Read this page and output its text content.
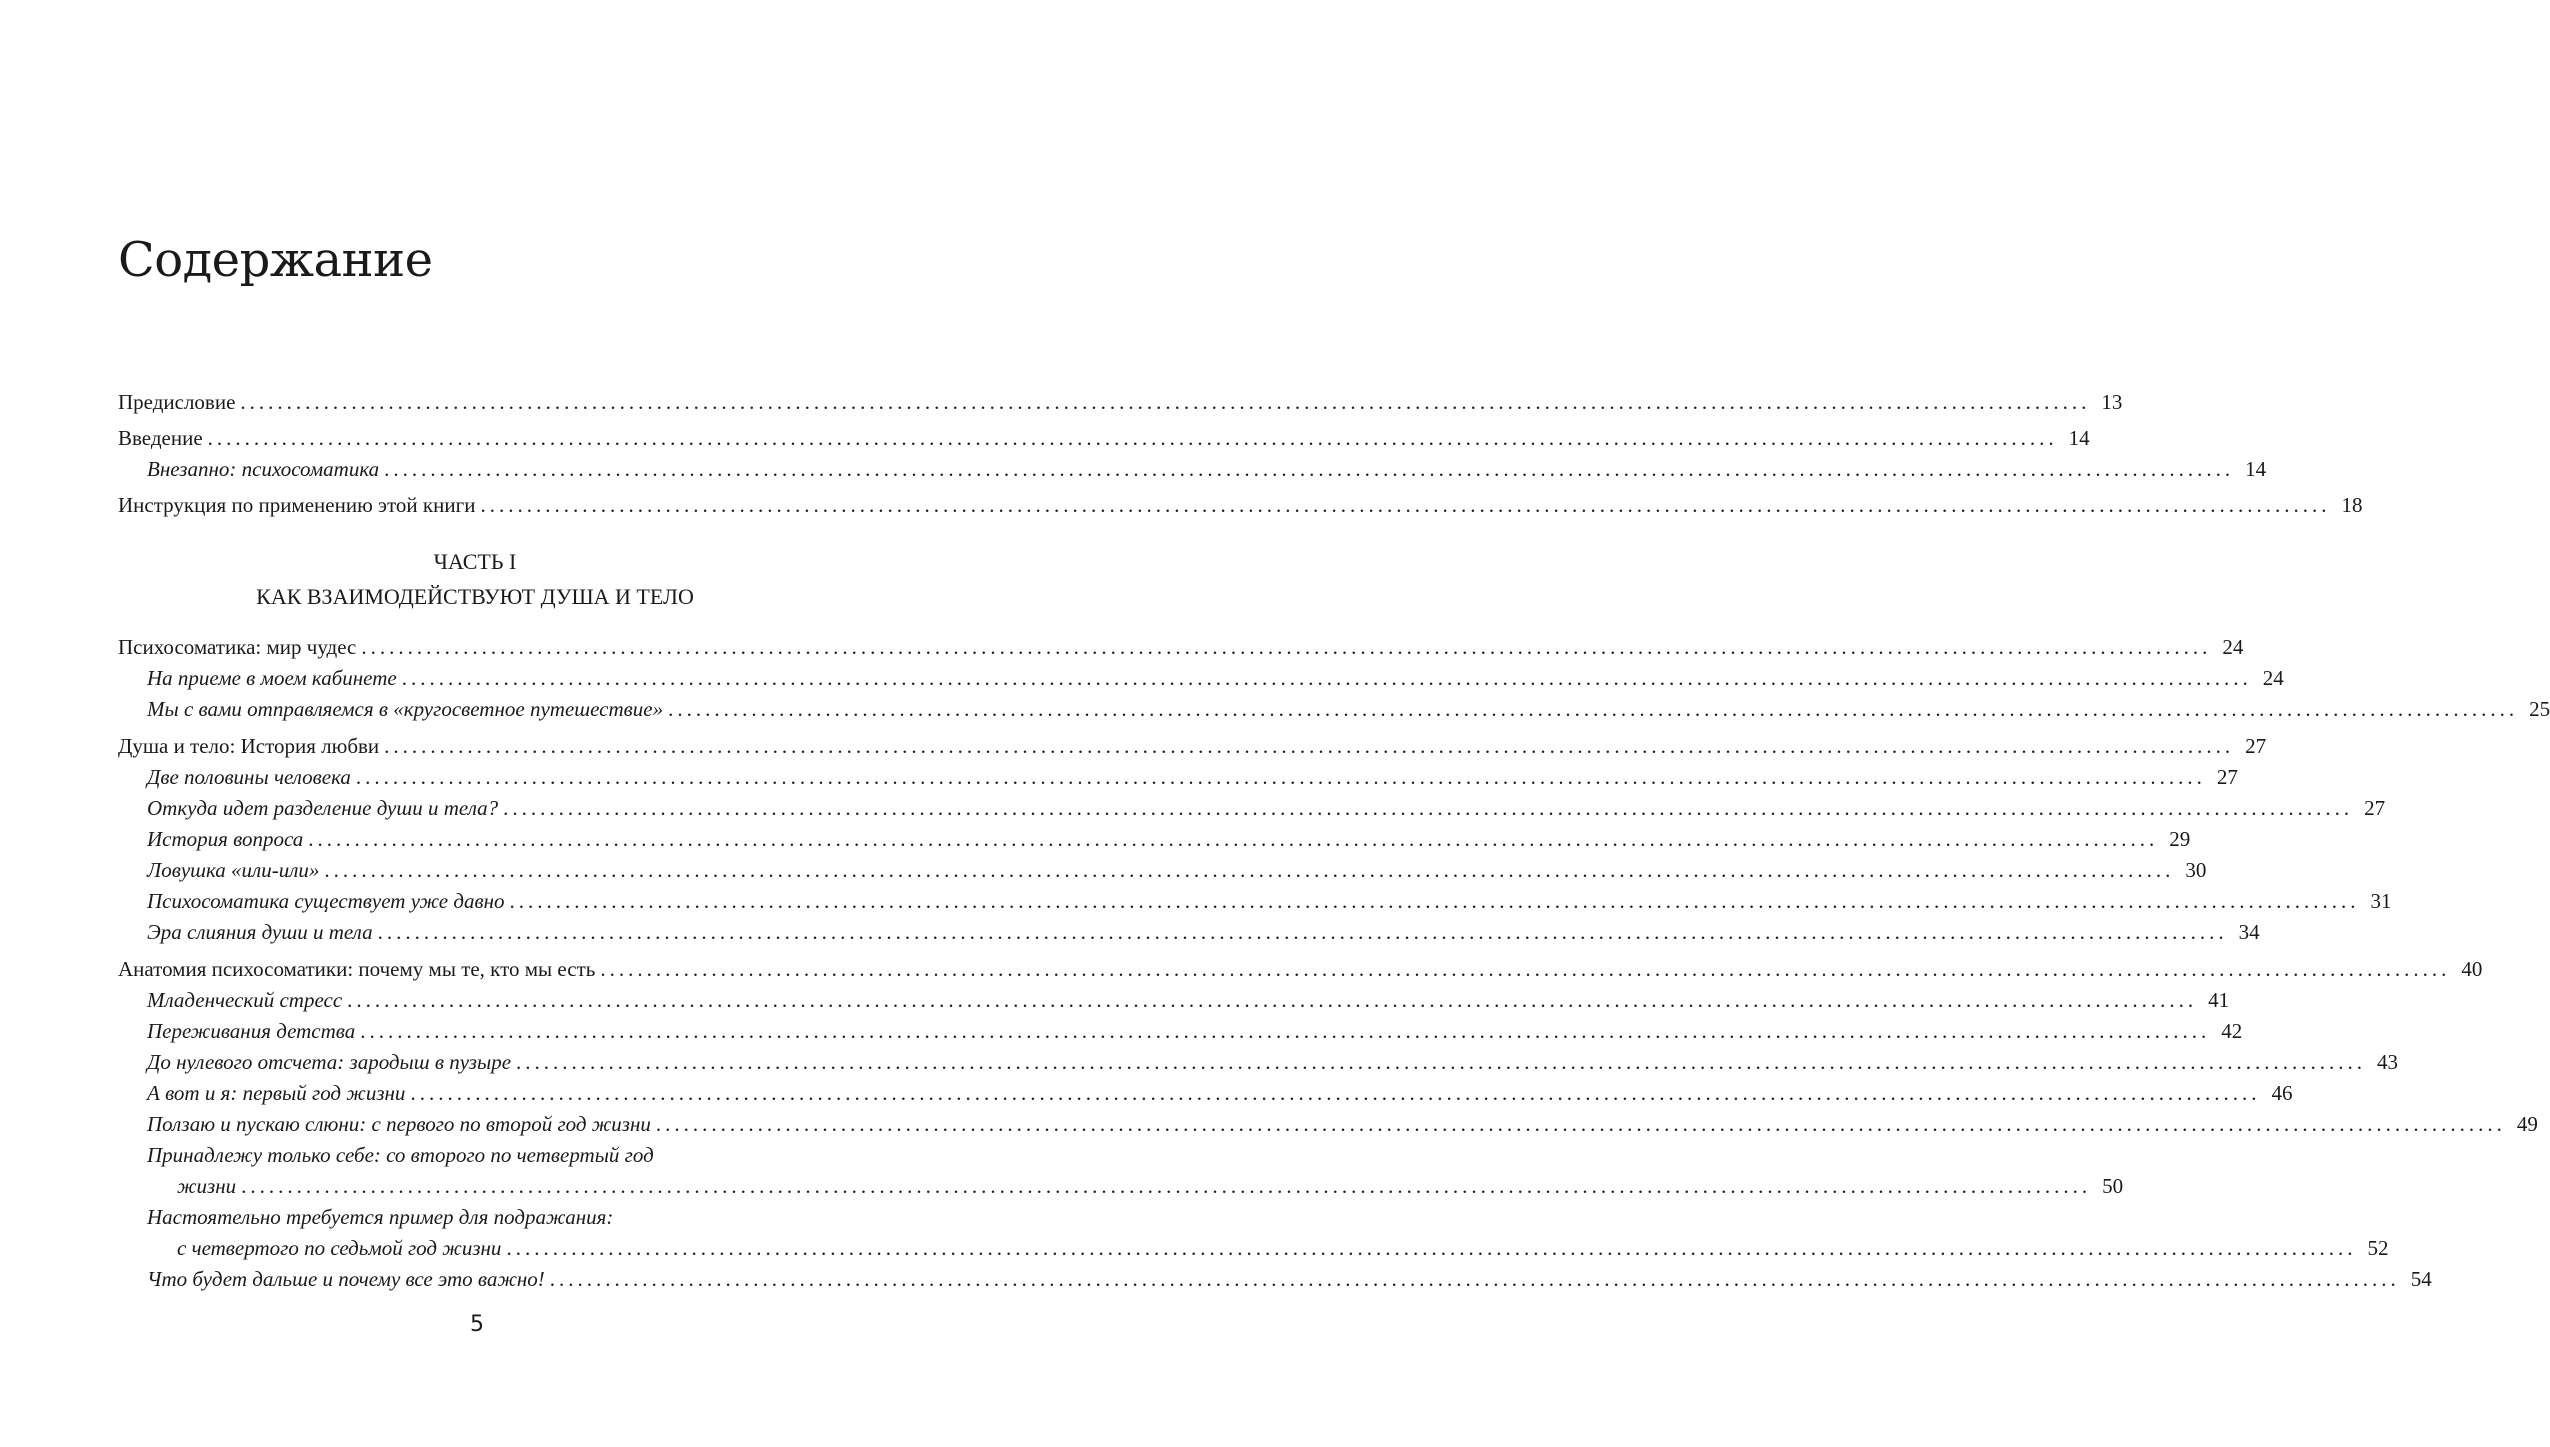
Содержание
Предисловие ........................................................................................................................................................................................................ 13
Введение ........................................................................................................................................................................................................ 14
Внезапно: психосоматика ........................................................................................................................................................................................................ 14
Инструкция по применению этой книги ........................................................................................................................................................................................................ 18
ЧАСТЬ I
КАК ВЗАИМОДЕЙСТВУЮТ ДУША И ТЕЛО
Психосоматика: мир чудес ........................................................................................................................................................................................................ 24
На приеме в моем кабинете ........................................................................................................................................................................................................ 24
Мы с вами отправляемся в «кругосветное путешествие» ........................................................................................................................................................................................................ 25
Душа и тело: История любви ........................................................................................................................................................................................................ 27
Две половины человека ........................................................................................................................................................................................................ 27
Откуда идет разделение души и тела? ........................................................................................................................................................................................................ 27
История вопроса ........................................................................................................................................................................................................ 29
Ловушка «или-или» ........................................................................................................................................................................................................ 30
Психосоматика существует уже давно ........................................................................................................................................................................................................ 31
Эра слияния души и тела ........................................................................................................................................................................................................ 34
Анатомия психосоматики: почему мы те, кто мы есть ........................................................................................................................................................................................................ 40
Младенческий стресс ........................................................................................................................................................................................................ 41
Переживания детства ........................................................................................................................................................................................................ 42
До нулевого отсчета: зародыш в пузыре ........................................................................................................................................................................................................ 43
А вот и я: первый год жизни ........................................................................................................................................................................................................ 46
Ползаю и пускаю слюни: с первого по второй год жизни ........................................................................................................................................................................................................ 49
Принадлежу только себе: со второго по четвертый год
жизни ........................................................................................................................................................................................................ 50
Настоятельно требуется пример для подражания:
с четвертого по седьмой год жизни ........................................................................................................................................................................................................ 52
Что будет дальше и почему все это важно! ........................................................................................................................................................................................................ 54
5
